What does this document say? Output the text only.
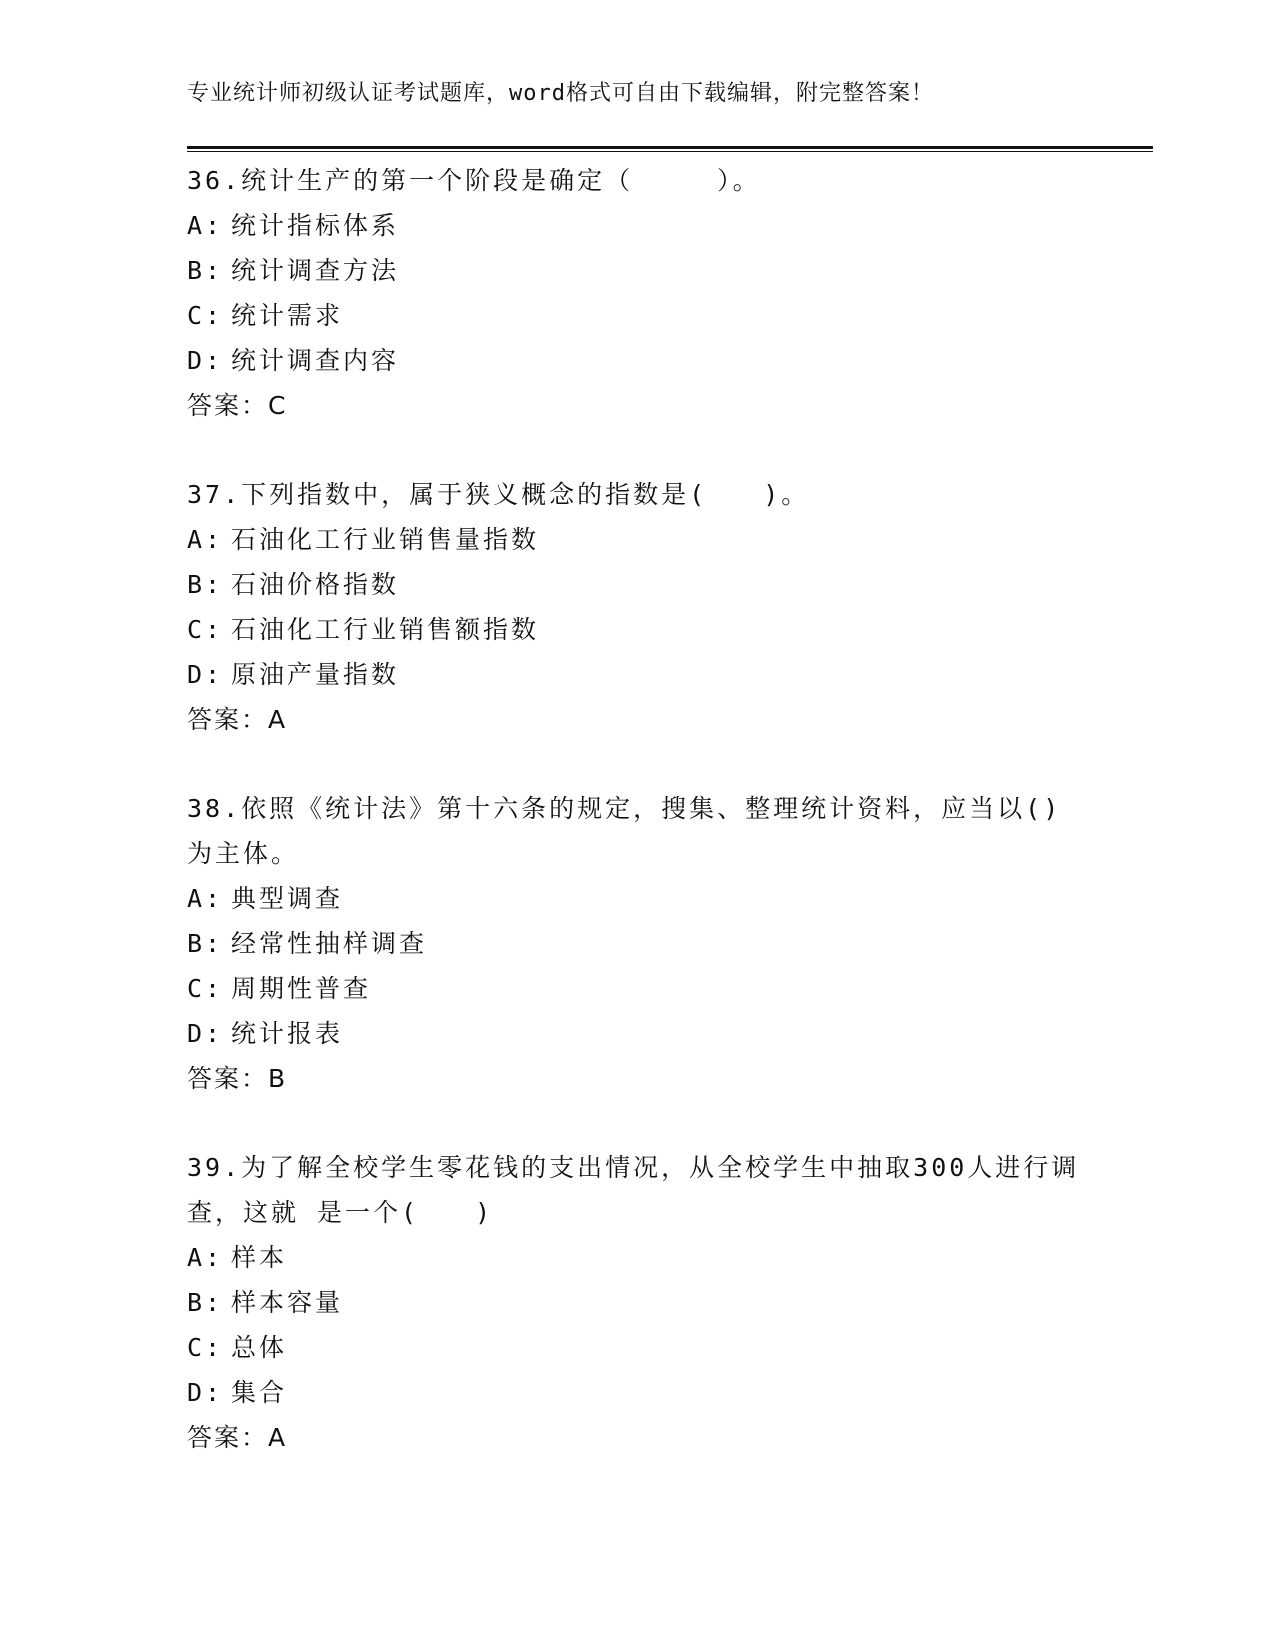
专业统计师初级认证考试题库，word格式可自由下载编辑，附完整答案！

36.统计生产的第一个阶段是确定（　　　）。

A: 统计指标体系

B: 统计调查方法

C: 统计需求

D: 统计调查内容

答案：C

37.下列指数中，属于狭义概念的指数是(　　)。

A: 石油化工行业销售量指数

B: 石油价格指数

C: 石油化工行业销售额指数

D: 原油产量指数

答案：A

38.依照《统计法》第十六条的规定，搜集、整理统计资料，应当以()为主体。

A: 典型调查

B: 经常性抽样调查

C: 周期性普查

D: 统计报表

答案：B

39.为了解全校学生零花钱的支出情况，从全校学生中抽取300人进行调查，这就 是一个(　　)

A: 样本

B: 样本容量

C: 总体

D: 集合

答案：A
